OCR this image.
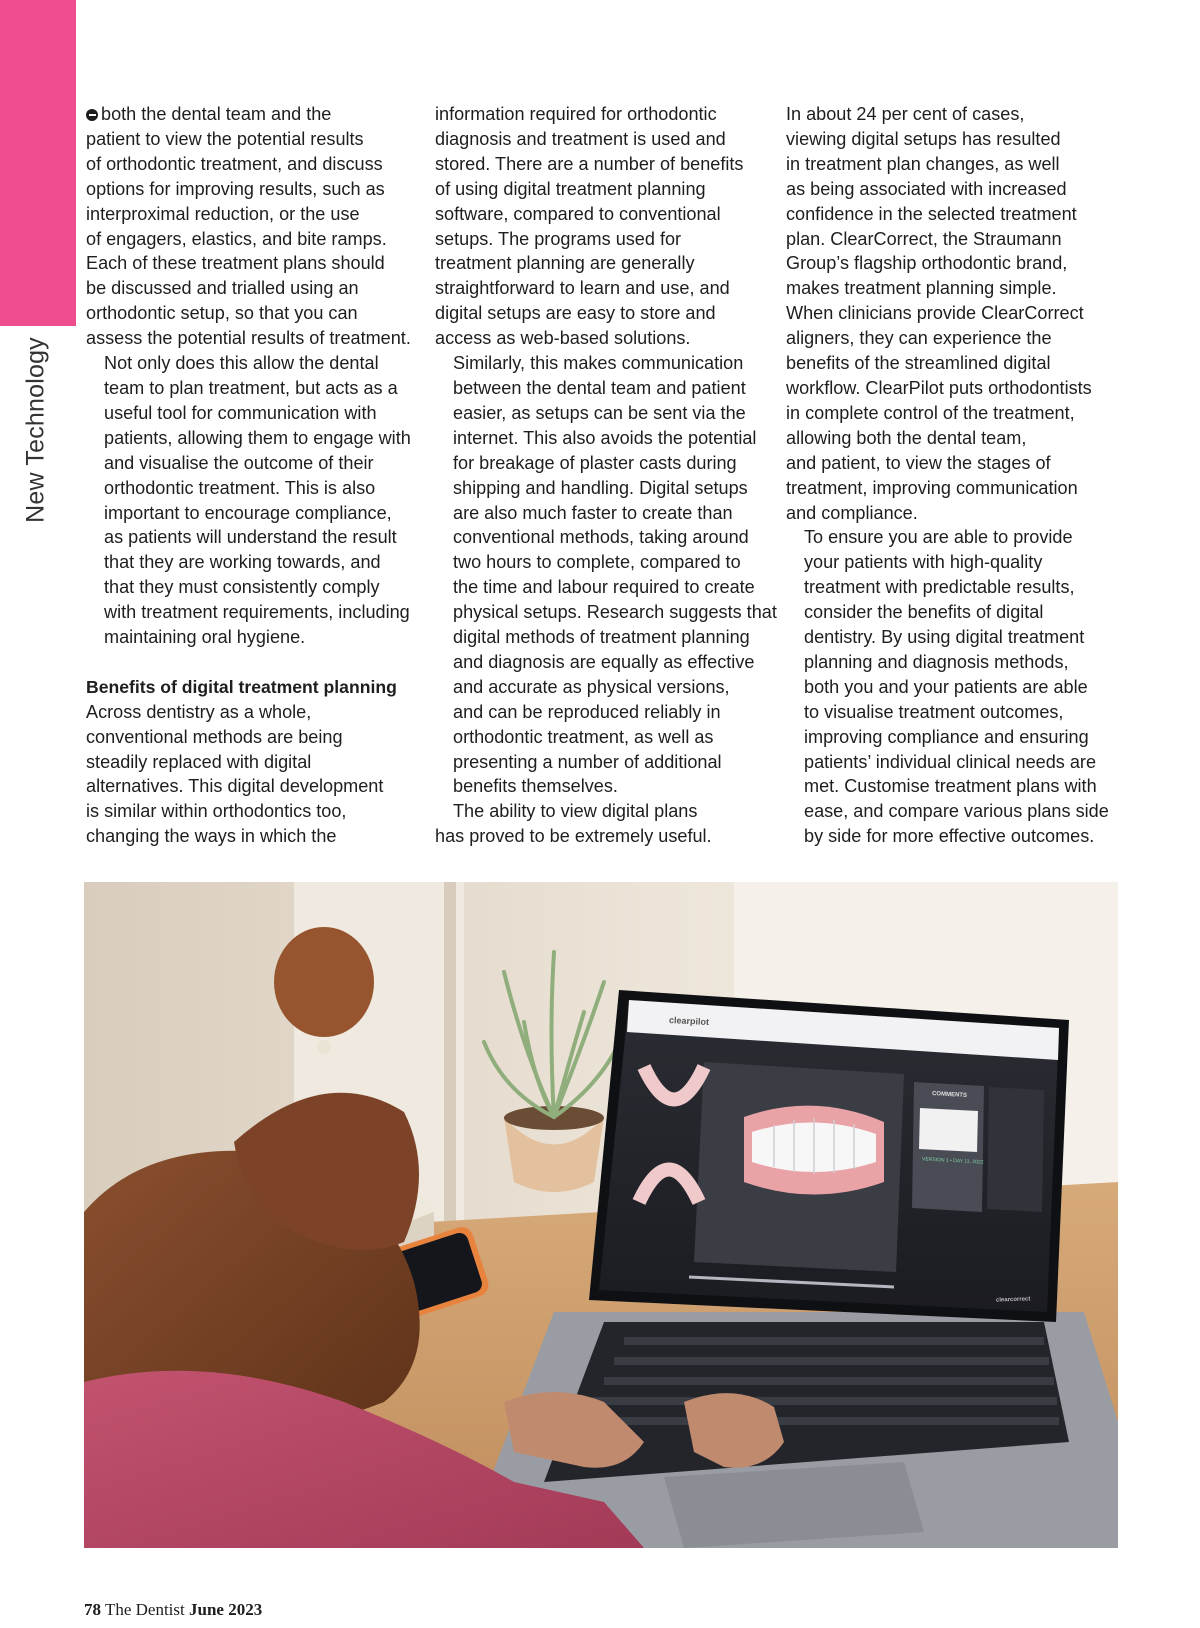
New Technology

both the dental team and the
patient to view the potential results
of orthodontic treatment, and discuss
options for improving results, such as
interproximal reduction, or the use
of engagers, elastics, and bite ramps.
Each of these treatment plans should
be discussed and trialled using an
orthodontic setup, so that you can
assess the potential results of treatment.

Not only does this allow the dental
team to plan treatment, but acts as a
useful tool for communication with
patients, allowing them to engage with
and visualise the outcome of their
orthodontic treatment. This is also
important to encourage compliance,
as patients will understand the result
that they are working towards, and
that they must consistently comply
with treatment requirements, including
maintaining oral hygiene.

Benefits of digital treatment planning

Across dentistry as a whole,
conventional methods are being
steadily replaced with digital
alternatives. This digital development
is similar within orthodontics too,
changing the ways in which the

information required for orthodontic
diagnosis and treatment is used and
stored. There are a number of benefits
of using digital treatment planning
software, compared to conventional
setups. The programs used for
treatment planning are generally
straightforward to learn and use, and
digital setups are easy to store and
access as web-based solutions.

Similarly, this makes communication
between the dental team and patient
easier, as setups can be sent via the
internet. This also avoids the potential
for breakage of plaster casts during
shipping and handling. Digital setups
are also much faster to create than
conventional methods, taking around
two hours to complete, compared to
the time and labour required to create
physical setups. Research suggests that
digital methods of treatment planning
and diagnosis are equally as effective
and accurate as physical versions,
and can be reproduced reliably in
orthodontic treatment, as well as
presenting a number of additional
benefits themselves.

The ability to view digital plans
has proved to be extremely useful.

In about 24 per cent of cases,
viewing digital setups has resulted
in treatment plan changes, as well
as being associated with increased
confidence in the selected treatment
plan. ClearCorrect, the Straumann
Group’s flagship orthodontic brand,
makes treatment planning simple.
When clinicians provide ClearCorrect
aligners, they can experience the
benefits of the streamlined digital
workflow. ClearPilot puts orthodontists
in complete control of the treatment,
allowing both the dental team,
and patient, to view the stages of
treatment, improving communication
and compliance.

To ensure you are able to provide
your patients with high-quality
treatment with predictable results,
consider the benefits of digital
dentistry. By using digital treatment
planning and diagnosis methods,
both you and your patients are able
to visualise treatment outcomes,
improving compliance and ensuring
patients’ individual clinical needs are
met. Customise treatment plans with
ease, and compare various plans side
by side for more effective outcomes.

clearpilot
COMMENTS
VERSION 1 • DAY 11, 2022
clearcorrect
78 The Dentist June 2023
